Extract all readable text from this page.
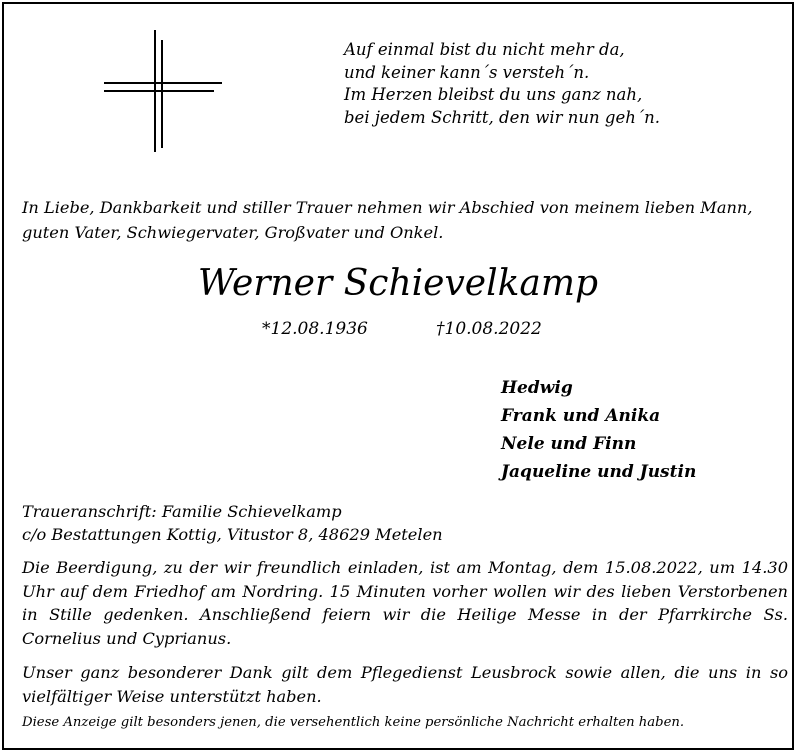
Auf einmal bist du nicht mehr da,
und keiner kann´s versteh´n.
Im Herzen bleibst du uns ganz nah,
bei jedem Schritt, den wir nun geh´n.
In Liebe, Dankbarkeit und stiller Trauer nehmen wir Abschied von meinem lieben Mann,
guten Vater, Schwiegervater, Großvater und Onkel.
Werner Schievelkamp
*12.08.1936	†10.08.2022
Hedwig
Frank und Anika
Nele und Finn
Jaqueline und Justin
Traueranschrift: Familie Schievelkamp
c/o Bestattungen Kottig, Vitustor 8, 48629 Metelen
Die Beerdigung, zu der wir freundlich einladen, ist am Montag, dem 15.08.2022, um 14.30 Uhr auf dem Friedhof am Nordring. 15 Minuten vorher wollen wir des lieben Verstorbenen in Stille gedenken. Anschließend feiern wir die Heilige Messe in der Pfarrkirche Ss. Cornelius und Cyprianus.
Unser ganz besonderer Dank gilt dem Pflegedienst Leusbrock sowie allen, die uns in so vielfältiger Weise unterstützt haben.
Diese Anzeige gilt besonders jenen, die versehentlich keine persönliche Nachricht erhalten haben.
